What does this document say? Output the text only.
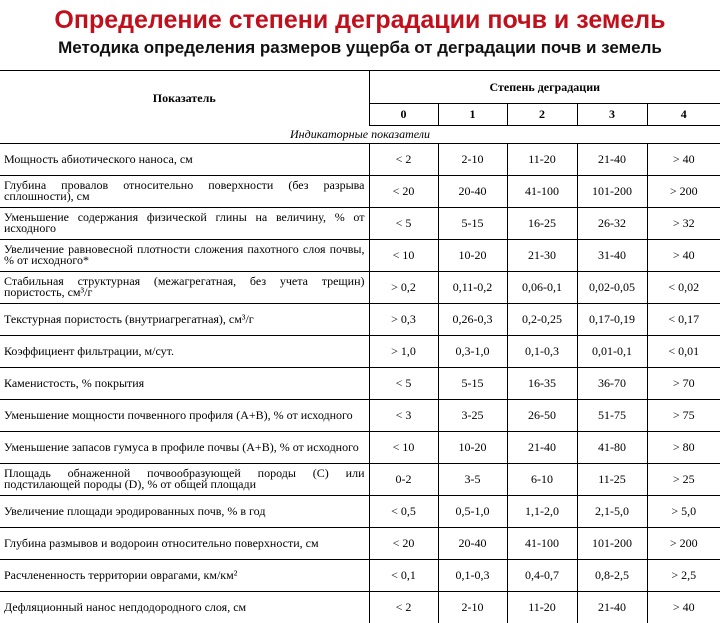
Определение степени деградации почв и земель
Методика определения размеров ущерба от деградации почв и земель
Показатель	Степень деградации				
	0	1	2	3	4
Индикаторные показатели					
Мощность абиотического наноса, см	< 2	2-10	11-20	21-40	> 40
Глубина провалов относительно поверхности (без разрыва сплошности), см	< 20	20-40	41-100	101-200	> 200
Уменьшение содержания физической глины на величину, % от исходного	< 5	5-15	16-25	26-32	> 32
Увеличение равновесной плотности сложения пахотного слоя почвы, % от исходного*	< 10	10-20	21-30	31-40	> 40
Стабильная структурная (межагрегатная, без учета трещин) пористость, см³/г	> 0,2	0,11-0,2	0,06-0,1	0,02-0,05	< 0,02
Текстурная пористость (внутриагрегатная), см³/г	> 0,3	0,26-0,3	0,2-0,25	0,17-0,19	< 0,17
Коэффициент фильтрации, м/сут.	> 1,0	0,3-1,0	0,1-0,3	0,01-0,1	< 0,01
Каменистость, % покрытия	< 5	5-15	16-35	36-70	> 70
Уменьшение мощности почвенного профиля (А+В), % от исходного	< 3	3-25	26-50	51-75	> 75
Уменьшение запасов гумуса в профиле почвы (А+В), % от исходного	< 10	10-20	21-40	41-80	> 80
Площадь обнаженной почвообразующей породы (С) или подстилающей породы (D), % от общей площади	0-2	3-5	6-10	11-25	> 25
Увеличение площади эродированных почв, % в год	< 0,5	0,5-1,0	1,1-2,0	2,1-5,0	> 5,0
Глубина размывов и водороин относительно поверхности, см	< 20	20-40	41-100	101-200	> 200
Расчлененность территории оврагами, км/км²	< 0,1	0,1-0,3	0,4-0,7	0,8-2,5	> 2,5
Дефляционный нанос непдодородного слоя, см	< 2	2-10	11-20	21-40	> 40
